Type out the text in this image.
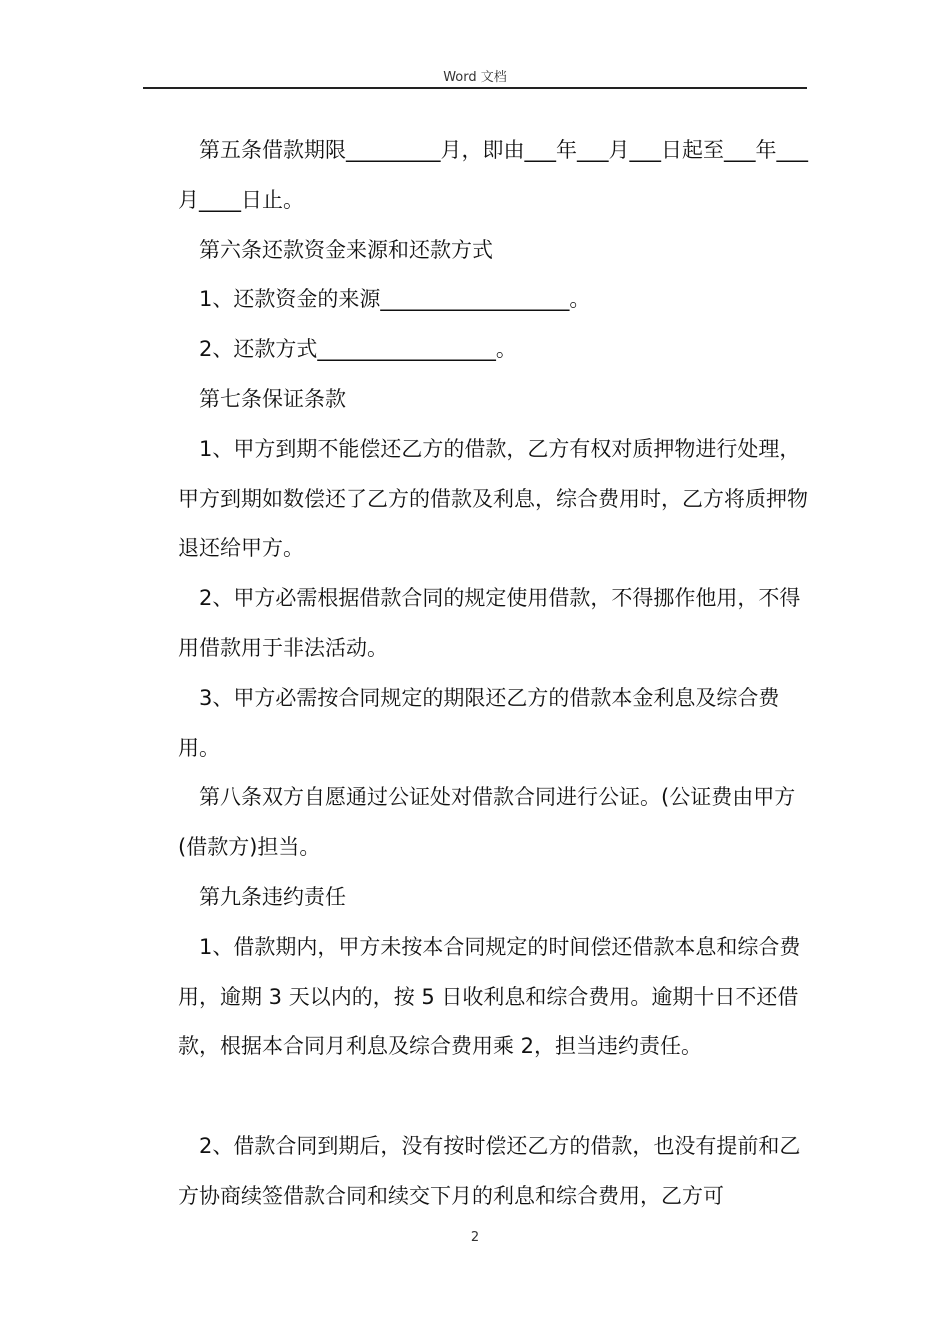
Word 文档

第五条借款期限_________月，即由___年___月___日起至___年___月____日止。

第六条还款资金来源和还款方式

1、还款资金的来源__________________。

2、还款方式_________________。

第七条保证条款

1、甲方到期不能偿还乙方的借款，乙方有权对质押物进行处理，甲方到期如数偿还了乙方的借款及利息，综合费用时，乙方将质押物退还给甲方。

2、甲方必需根据借款合同的规定使用借款，不得挪作他用，不得用借款用于非法活动。

3、甲方必需按合同规定的期限还乙方的借款本金利息及综合费用。

第八条双方自愿通过公证处对借款合同进行公证。(公证费由甲方(借款方)担当。

第九条违约责任

1、借款期内，甲方未按本合同规定的时间偿还借款本息和综合费用，逾期 3 天以内的，按 5 日收利息和综合费用。逾期十日不还借款，根据本合同月利息及综合费用乘 2，担当违约责任。

2、借款合同到期后，没有按时偿还乙方的借款，也没有提前和乙方协商续签借款合同和续交下月的利息和综合费用，乙方可

2
